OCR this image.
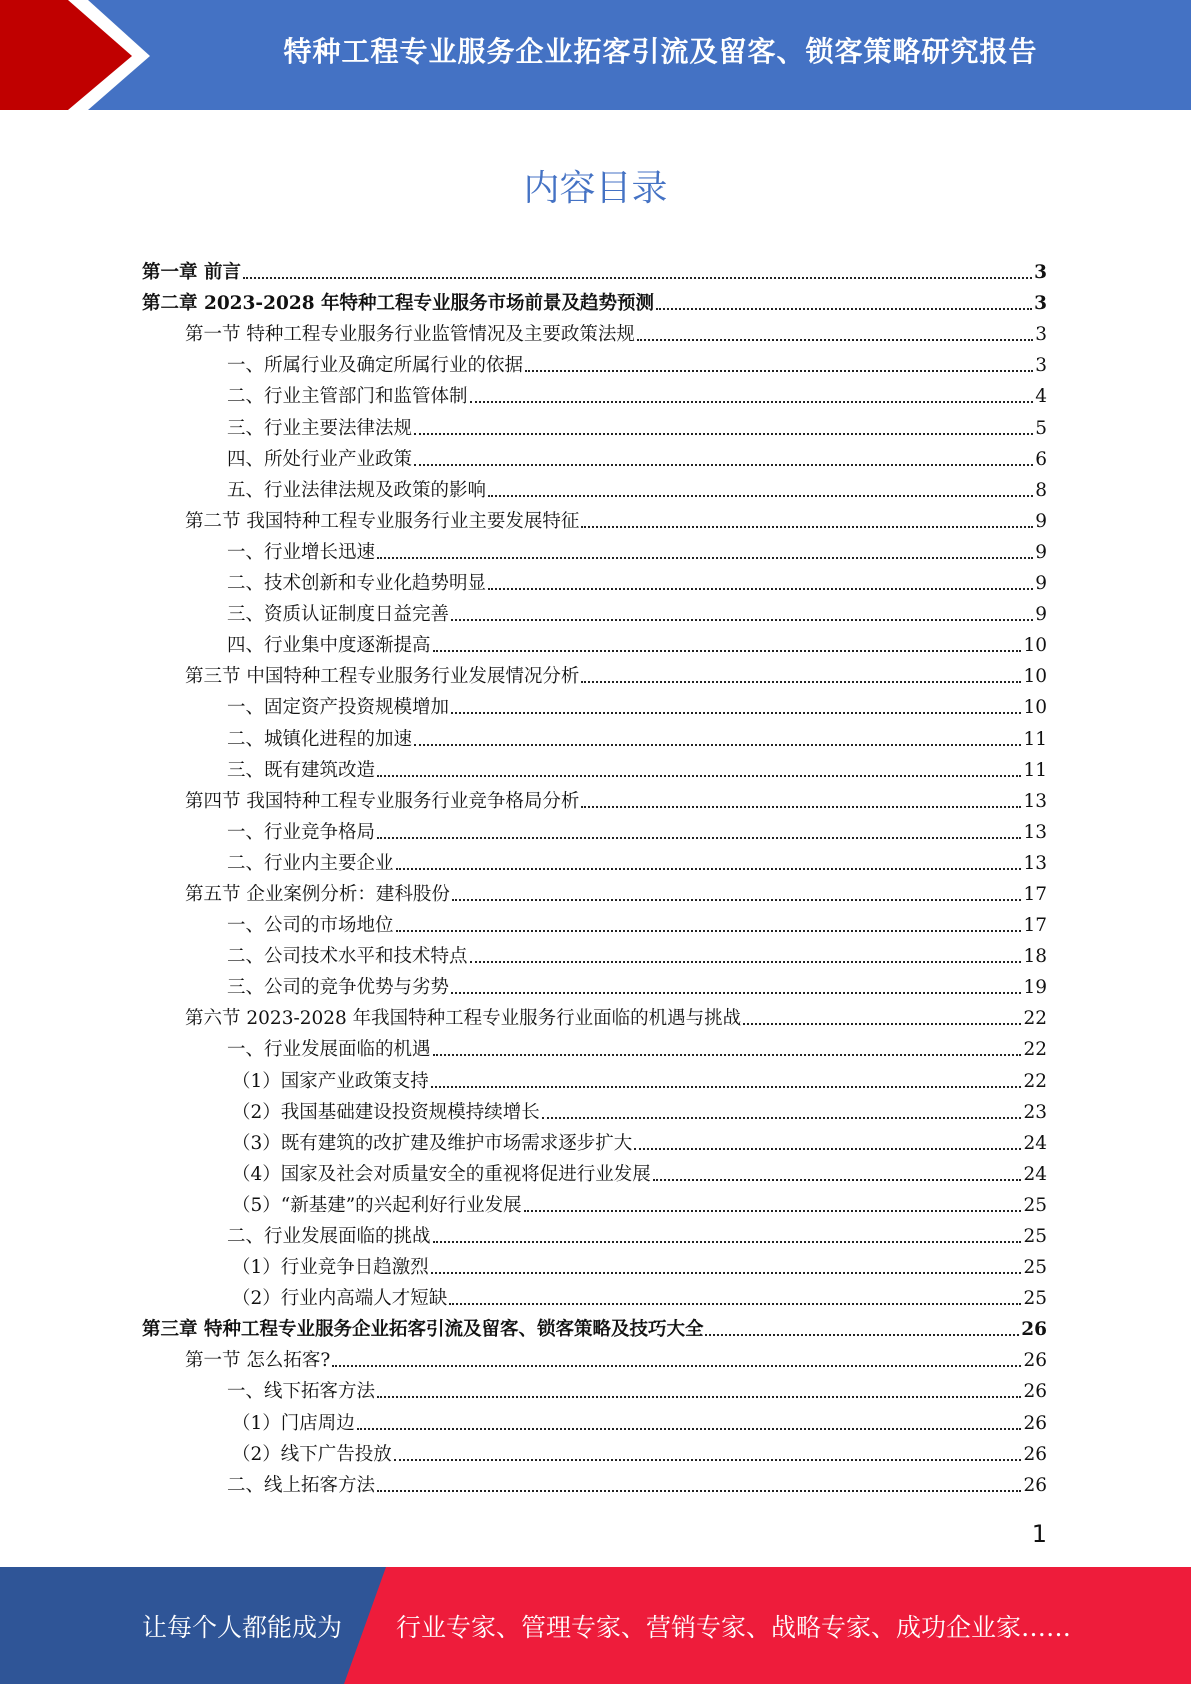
特种工程专业服务企业拓客引流及留客、锁客策略研究报告
内容目录
第一章 前言	3
第二章 2023-2028 年特种工程专业服务市场前景及趋势预测	3
第一节 特种工程专业服务行业监管情况及主要政策法规	3
一、所属行业及确定所属行业的依据	3
二、行业主管部门和监管体制	4
三、行业主要法律法规	5
四、所处行业产业政策	6
五、行业法律法规及政策的影响	8
第二节 我国特种工程专业服务行业主要发展特征	9
一、行业增长迅速	9
二、技术创新和专业化趋势明显	9
三、资质认证制度日益完善	9
四、行业集中度逐渐提高	10
第三节 中国特种工程专业服务行业发展情况分析	10
一、固定资产投资规模增加	10
二、城镇化进程的加速	11
三、既有建筑改造	11
第四节 我国特种工程专业服务行业竞争格局分析	13
一、行业竞争格局	13
二、行业内主要企业	13
第五节 企业案例分析：建科股份	17
一、公司的市场地位	17
二、公司技术水平和技术特点	18
三、公司的竞争优势与劣势	19
第六节 2023-2028 年我国特种工程专业服务行业面临的机遇与挑战	22
一、行业发展面临的机遇	22
（1）国家产业政策支持	22
（2）我国基础建设投资规模持续增长	23
（3）既有建筑的改扩建及维护市场需求逐步扩大	24
（4）国家及社会对质量安全的重视将促进行业发展	24
（5）“新基建”的兴起利好行业发展	25
二、行业发展面临的挑战	25
（1）行业竞争日趋激烈	25
（2）行业内高端人才短缺	25
第三章 特种工程专业服务企业拓客引流及留客、锁客策略及技巧大全	26
第一节 怎么拓客?	26
一、线下拓客方法	26
（1）门店周边	26
（2）线下广告投放	26
二、线上拓客方法	26
1
让每个人都能成为 行业专家、管理专家、营销专家、战略专家、成功企业家……
